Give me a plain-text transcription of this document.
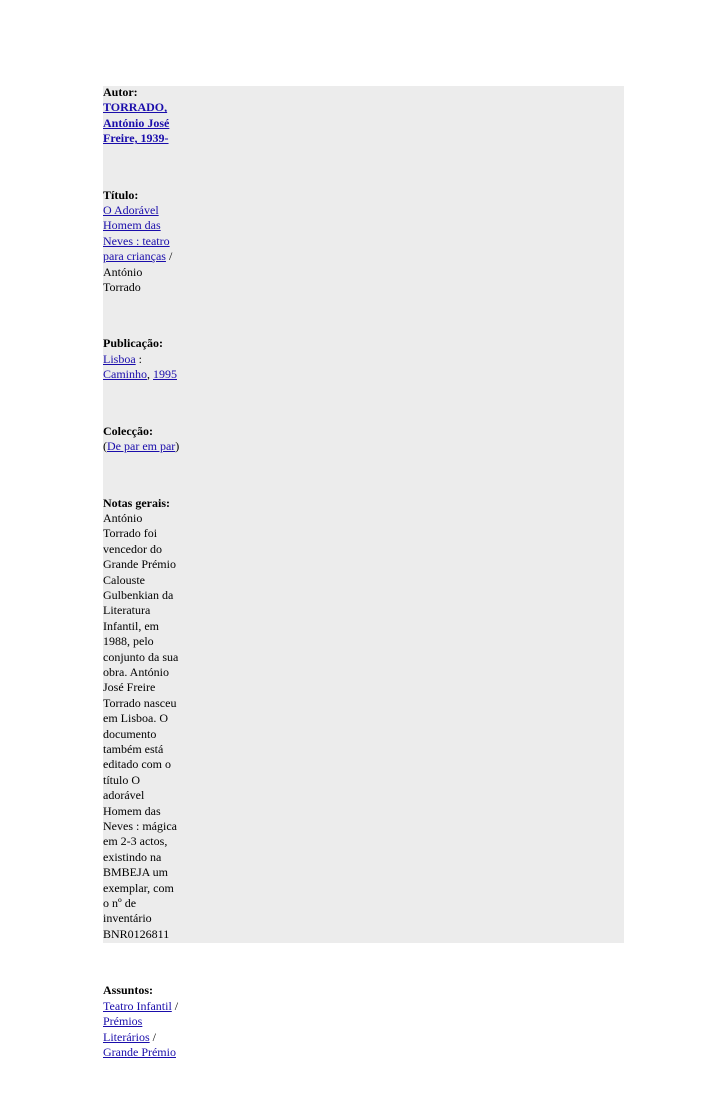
Autor:
TORRADO,
António José
Freire, 1939-
Título:
O Adorável
Homem das
Neves : teatro
para crianças /
António
Torrado
Publicação:
Lisboa :
Caminho, 1995
Colecção:
(De par em par)
Notas gerais:
António
Torrado foi
vencedor do
Grande Prémio
Calouste
Gulbenkian da
Literatura
Infantil, em
1988, pelo
conjunto da sua
obra. António
José Freire
Torrado nasceu
em Lisboa. O
documento
também está
editado com o
título O
adorável
Homem das
Neves : mágica
em 2-3 actos,
existindo na
BMBEJA um
exemplar, com
o nº de
inventário
BNR0126811
Assuntos:
Teatro Infantil /
Prémios
Literários /
Grande Prémio
